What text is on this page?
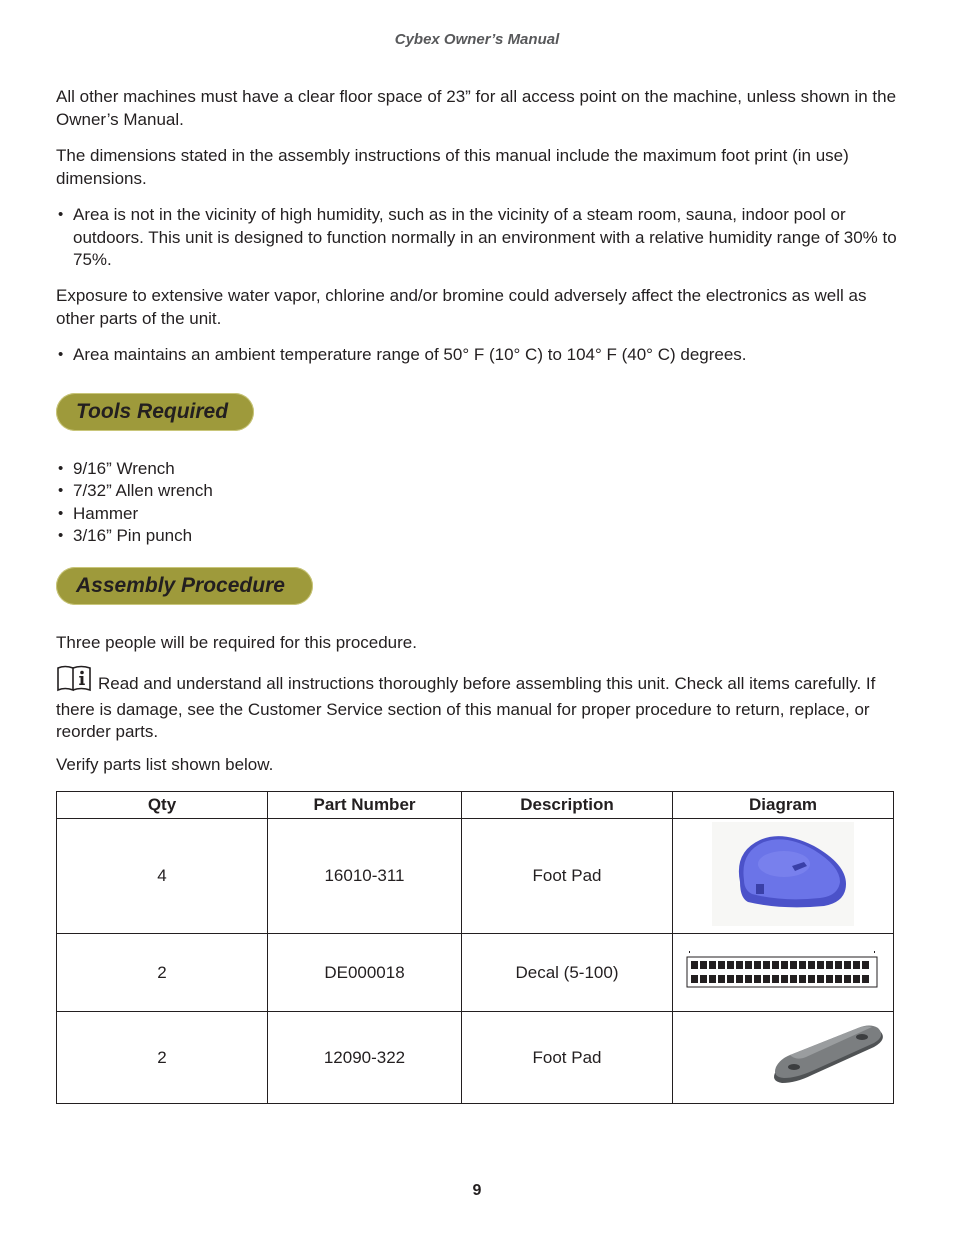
Cybex Owner’s Manual

All other machines must have a clear floor space of 23” for all access point on the machine, unless shown in the Owner’s Manual.

The dimensions stated in the assembly instructions of this manual include the maximum foot print (in use) dimensions.

• Area is not in the vicinity of high humidity, such as in the vicinity of a steam room, sauna, indoor pool or outdoors. This unit is designed to function normally in an environment with a relative humidity range of 30% to 75%.

Exposure to extensive water vapor, chlorine and/or bromine could adversely affect the electronics as well as other parts of the unit.

• Area maintains an ambient temperature range of 50° F (10° C) to 104° F (40° C) degrees.
Tools Required
• 9/16” Wrench
• 7/32” Allen wrench
• Hammer
• 3/16” Pin punch
Assembly Procedure

Three people will be required for this procedure.

Read and understand all instructions thoroughly before assembling this unit. Check all items carefully. If there is damage, see the Customer Service section of this manual for proper procedure to return, replace, or reorder parts.

Verify parts list shown below.

Qty	Part Number	Description	Diagram
4	16010-311	Foot Pad	
2	DE000018	Decal (5-100)	
2	12090-322	Foot Pad	
9
